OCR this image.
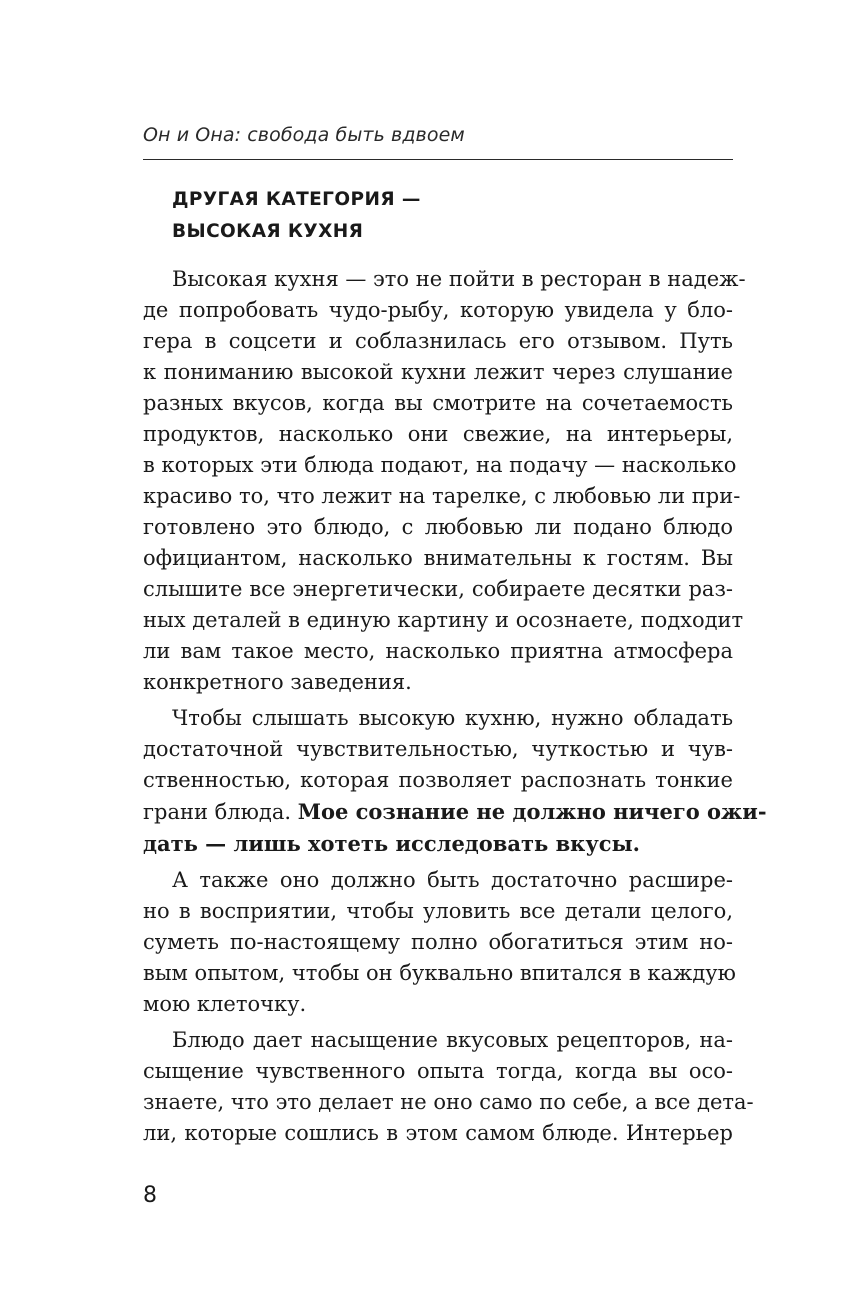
Он и Она: свобода быть вдвоем
ДРУГАЯ КАТЕГОРИЯ —
ВЫСОКАЯ КУХНЯ
Высокая кухня — это не пойти в ресторан в надеж-
де попробовать чудо-рыбу, которую увидела у бло-
гера в соцсети и соблазнилась его отзывом. Путь
к пониманию высокой кухни лежит через слушание
разных вкусов, когда вы смотрите на сочетаемость
продуктов, насколько они свежие, на интерьеры,
в которых эти блюда подают, на подачу — насколько
красиво то, что лежит на тарелке, с любовью ли при-
готовлено это блюдо, с любовью ли подано блюдо
официантом, насколько внимательны к гостям. Вы
слышите все энергетически, собираете десятки раз-
ных деталей в единую картину и осознаете, подходит
ли вам такое место, насколько приятна атмосфера
конкретного заведения.
Чтобы слышать высокую кухню, нужно обладать
достаточной чувствительностью, чуткостью и чув-
ственностью, которая позволяет распознать тонкие
грани блюда. Мое сознание не должно ничего ожи-
дать — лишь хотеть исследовать вкусы.
А также оно должно быть достаточно расшире-
но в восприятии, чтобы уловить все детали целого,
суметь по-настоящему полно обогатиться этим но-
вым опытом, чтобы он буквально впитался в каждую
мою клеточку.
Блюдо дает насыщение вкусовых рецепторов, на-
сыщение чувственного опыта тогда, когда вы осо-
знаете, что это делает не оно само по себе, а все дета-
ли, которые сошлись в этом самом блюде. Интерьер
8
